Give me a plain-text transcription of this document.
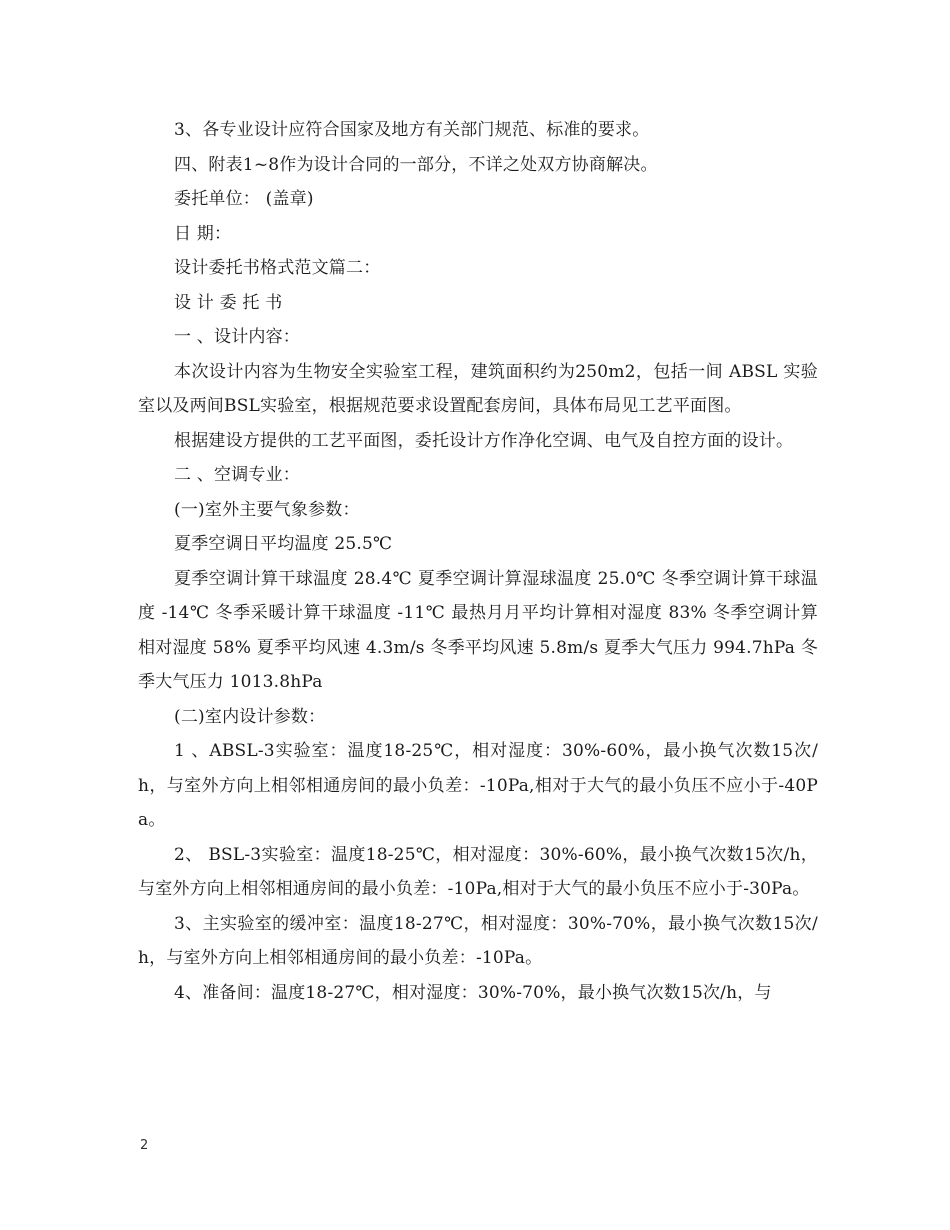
3、各专业设计应符合国家及地方有关部门规范、标准的要求。

四、附表1~8作为设计合同的一部分，不详之处双方协商解决。

委托单位： (盖章)

日 期：

设计委托书格式范文篇二：

设 计 委 托 书

一 、设计内容：

本次设计内容为生物安全实验室工程，建筑面积约为250m2，包括一间 ABSL 实验室以及两间BSL实验室，根据规范要求设置配套房间，具体布局见工艺平面图。

根据建设方提供的工艺平面图，委托设计方作净化空调、电气及自控方面的设计。

二 、空调专业：

(一)室外主要气象参数：

夏季空调日平均温度 25.5℃

夏季空调计算干球温度 28.4℃ 夏季空调计算湿球温度 25.0℃ 冬季空调计算干球温度 -14℃ 冬季采暖计算干球温度 -11℃ 最热月月平均计算相对湿度 83% 冬季空调计算相对湿度 58% 夏季平均风速 4.3m/s 冬季平均风速 5.8m/s 夏季大气压力 994.7hPa 冬季大气压力 1013.8hPa

(二)室内设计参数：

1 、ABSL-3实验室：温度18-25℃，相对湿度：30%-60%，最小换气次数15次/h，与室外方向上相邻相通房间的最小负差：-10Pa,相对于大气的最小负压不应小于-40Pa。

2、 BSL-3实验室：温度18-25℃，相对湿度：30%-60%，最小换气次数15次/h，与室外方向上相邻相通房间的最小负差：-10Pa,相对于大气的最小负压不应小于-30Pa。

3、主实验室的缓冲室：温度18-27℃，相对湿度：30%-70%，最小换气次数15次/h，与室外方向上相邻相通房间的最小负差：-10Pa。

4、准备间：温度18-27℃，相对湿度：30%-70%，最小换气次数15次/h，与

2
